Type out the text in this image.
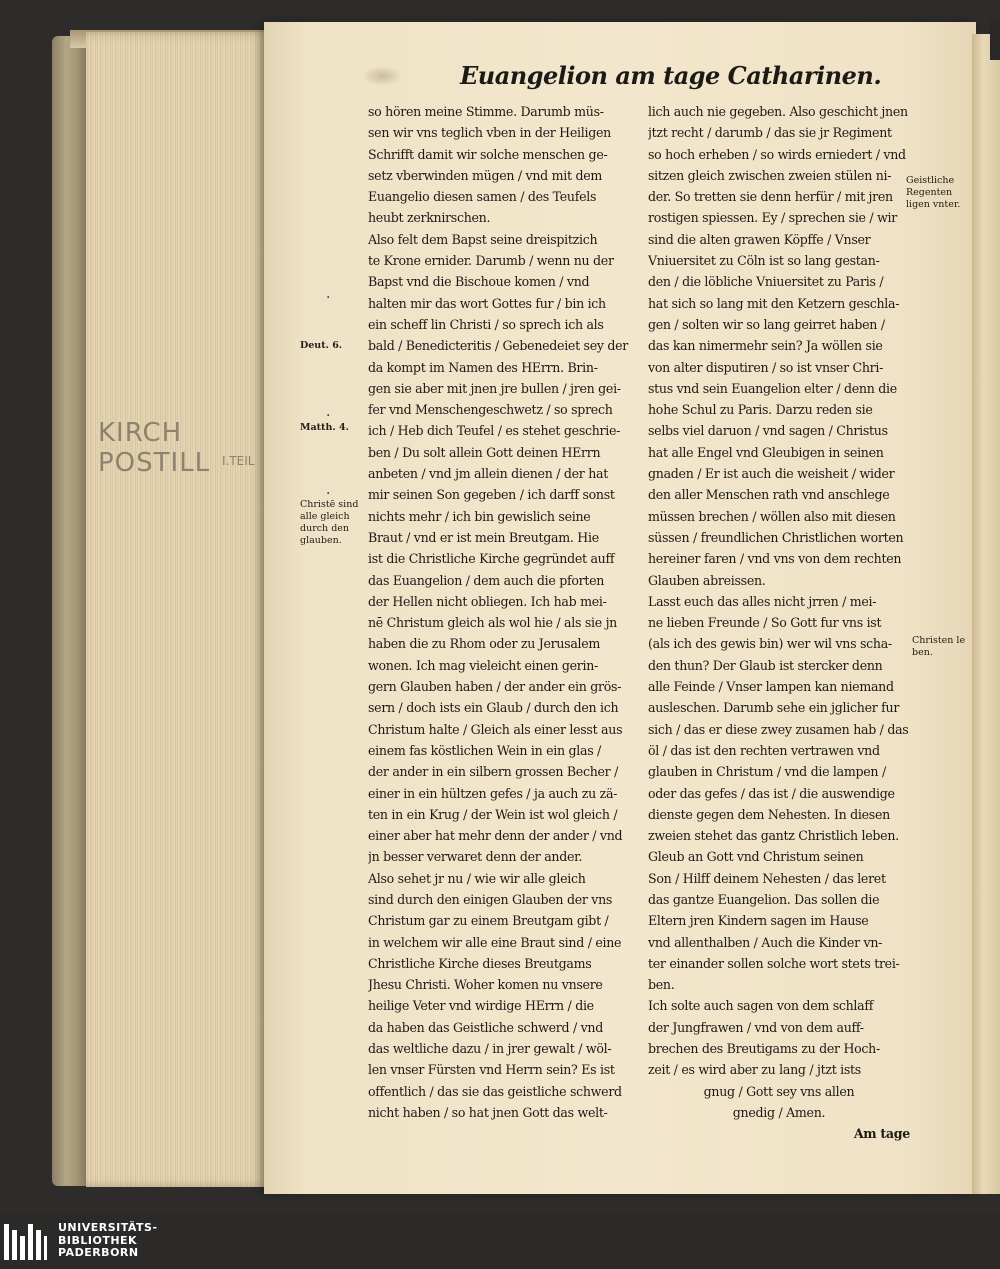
KIRCH POSTILL I.TEIL
Euangelion am tage Catharinen.
so hören meine Stimme. Darumb müs-
sen wir vns teglich vben in der Heiligen
Schrifft damit wir solche menschen ge-
setz vberwinden mügen / vnd mit dem
Euangelio diesen samen / des Teufels
heubt zerknirschen.
Also felt dem Bapst seine dreispitzich
te Krone ernider. Darumb / wenn nu der
Bapst vnd die Bischoue komen / vnd
halten mir das wort Gottes fur / bin ich
ein scheff lin Christi / so sprech ich als
bald / Benedicteritis / Gebenedeiet sey der
da kompt im Namen des HErrn. Brin-
gen sie aber mit jnen jre bullen / jren gei-
fer vnd Menschengeschwetz / so sprech
ich / Heb dich Teufel / es stehet geschrie-
ben / Du solt allein Gott deinen HErrn
anbeten / vnd jm allein dienen / der hat
mir seinen Son gegeben / ich darff sonst
nichts mehr / ich bin gewislich seine
Braut / vnd er ist mein Breutgam. Hie
ist die Christliche Kirche gegründet auff
das Euangelion / dem auch die pforten
der Hellen nicht obliegen. Ich hab mei-
nē Christum gleich als wol hie / als sie jn
haben die zu Rhom oder zu Jerusalem
wonen. Ich mag vieleicht einen gerin-
gern Glauben haben / der ander ein grös-
sern / doch ists ein Glaub / durch den ich
Christum halte / Gleich als einer lesst aus
einem fas köstlichen Wein in ein glas /
der ander in ein silbern grossen Becher /
einer in ein hültzen gefes / ja auch zu zä-
ten in ein Krug / der Wein ist wol gleich /
einer aber hat mehr denn der ander / vnd
jn besser verwaret denn der ander.
Also sehet jr nu / wie wir alle gleich
sind durch den einigen Glauben der vns
Christum gar zu einem Breutgam gibt /
in welchem wir alle eine Braut sind / eine
Christliche Kirche dieses Breutgams
Jhesu Christi. Woher komen nu vnsere
heilige Veter vnd wirdige HErrn / die
da haben das Geistliche schwerd / vnd
das weltliche dazu / in jrer gewalt / wöl-
len vnser Fürsten vnd Herrn sein? Es ist
offentlich / das sie das geistliche schwerd
nicht haben / so hat jnen Gott das welt-
lich auch nie gegeben. Also geschicht jnen
jtzt recht / darumb / das sie jr Regiment
so hoch erheben / so wirds erniedert / vnd
sitzen gleich zwischen zweien stülen ni-
der. So tretten sie denn herfür / mit jren
rostigen spiessen. Ey / sprechen sie / wir
sind die alten grawen Köpffe / Vnser
Vniuersitet zu Cöln ist so lang gestan-
den / die löbliche Vniuersitet zu Paris /
hat sich so lang mit den Ketzern geschla-
gen / solten wir so lang geirret haben /
das kan nimermehr sein? Ja wöllen sie
von alter disputiren / so ist vnser Chri-
stus vnd sein Euangelion elter / denn die
hohe Schul zu Paris. Darzu reden sie
selbs viel daruon / vnd sagen / Christus
hat alle Engel vnd Gleubigen in seinen
gnaden / Er ist auch die weisheit / wider
den aller Menschen rath vnd anschlege
müssen brechen / wöllen also mit diesen
süssen / freundlichen Christlichen worten
hereiner faren / vnd vns von dem rechten
Glauben abreissen.
Lasst euch das alles nicht jrren / mei-
ne lieben Freunde / So Gott fur vns ist
(als ich des gewis bin) wer wil vns scha-
den thun? Der Glaub ist stercker denn
alle Feinde / Vnser lampen kan niemand
ausleschen. Darumb sehe ein jglicher fur
sich / das er diese zwey zusamen hab / das
öl / das ist den rechten vertrawen vnd
glauben in Christum / vnd die lampen /
oder das gefes / das ist / die auswendige
dienste gegen dem Nehesten. In diesen
zweien stehet das gantz Christlich leben.
Gleub an Gott vnd Christum seinen
Son / Hilff deinem Nehesten / das leret
das gantze Euangelion. Das sollen die
Eltern jren Kindern sagen im Hause
vnd allenthalben / Auch die Kinder vn-
ter einander sollen solche wort stets trei-
ben.
Ich solte auch sagen von dem schlaff
der Jungfrawen / vnd von dem auff-
brechen des Breutigams zu der Hoch-
zeit / es wird aber zu lang / jtzt ists
gnug / Gott sey vns allen
gnedig / Amen.
Am tage
Deut. 6.
Matth. 4.
Christē sind
alle gleich
durch den
glauben.
Geistliche
Regenten
ligen vnter.
Christen le
ben.
·
·
·
UNIVERSITÄTS-
BIBLIOTHEK
PADERBORN
